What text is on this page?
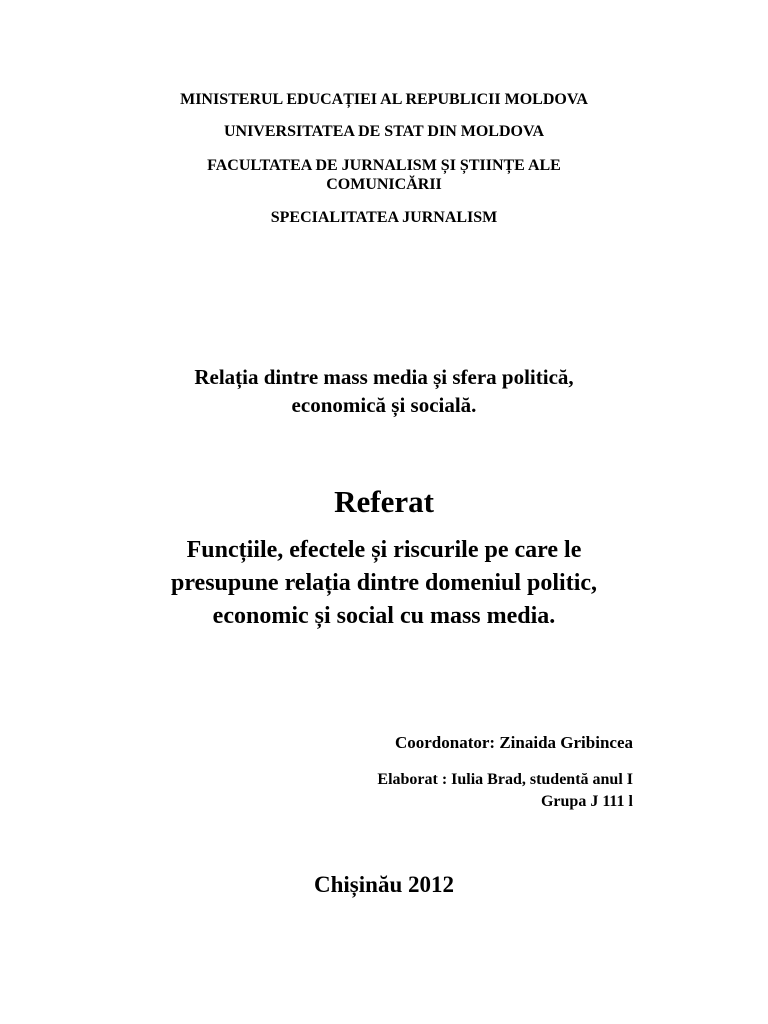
MINISTERUL EDUCAȚIEI AL REPUBLICII MOLDOVA
UNIVERSITATEA DE STAT DIN MOLDOVA
FACULTATEA DE JURNALISM ȘI ȘTIINȚE ALE
COMUNICĂRII
SPECIALITATEA JURNALISM
Relația dintre mass media și sfera politică,
economică și socială.
Referat
Funcțiile, efectele și riscurile pe care le
presupune relația dintre domeniul politic,
economic și social cu mass media.
Coordonator: Zinaida Gribincea
Elaborat : Iulia Brad, studentă anul I
Grupa J 111 l
Chișinău 2012
